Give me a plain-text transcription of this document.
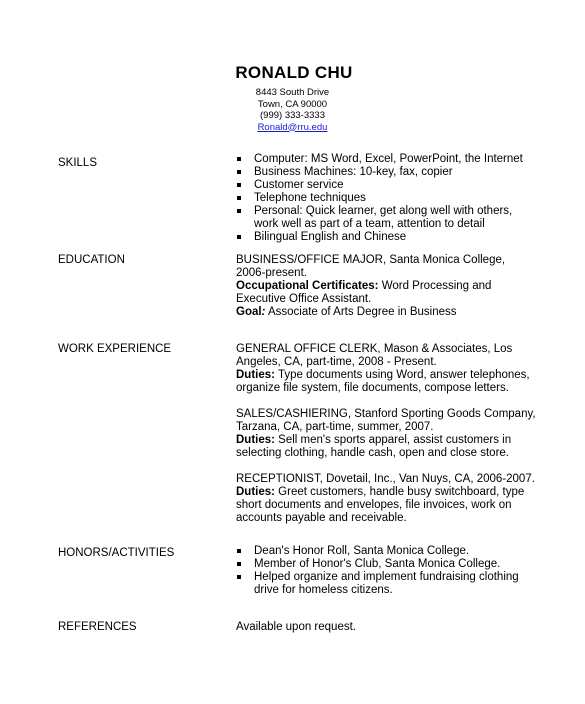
RONALD CHU
8443 South Drive
Town, CA 90000
(999) 333-3333
Ronald@rru.edu
SKILLS	Computer: MS Word, Excel, PowerPoint, the Internet
Business Machines: 10-key, fax, copier
Customer service
Telephone techniques
Personal: Quick learner, get along well with others, work well as part of a team, attention to detail
Bilingual English and Chinese
EDUCATION	BUSINESS/OFFICE MAJOR, Santa Monica College, 2006-present.

Occupational Certificates: Word Processing and Executive Office Assistant.

Goal: Associate of Arts Degree in Business

WORK EXPERIENCE	GENERAL OFFICE CLERK, Mason & Associates, Los Angeles, CA, part-time, 2008 - Present.

Duties: Type documents using Word, answer telephones, organize file system, file documents, compose letters.

SALES/CASHIERING, Stanford Sporting Goods Company, Tarzana, CA, part-time, summer, 2007.

Duties: Sell men's sports apparel, assist customers in selecting clothing, handle cash, open and close store.

RECEPTIONIST, Dovetail, Inc., Van Nuys, CA, 2006-2007.

Duties: Greet customers, handle busy switchboard, type short documents and envelopes, file invoices, work on accounts payable and receivable.

HONORS/ACTIVITIES	Dean's Honor Roll, Santa Monica College.
Member of Honor's Club, Santa Monica College.
Helped organize and implement fundraising clothing drive for homeless citizens.
REFERENCES	Available upon request.
